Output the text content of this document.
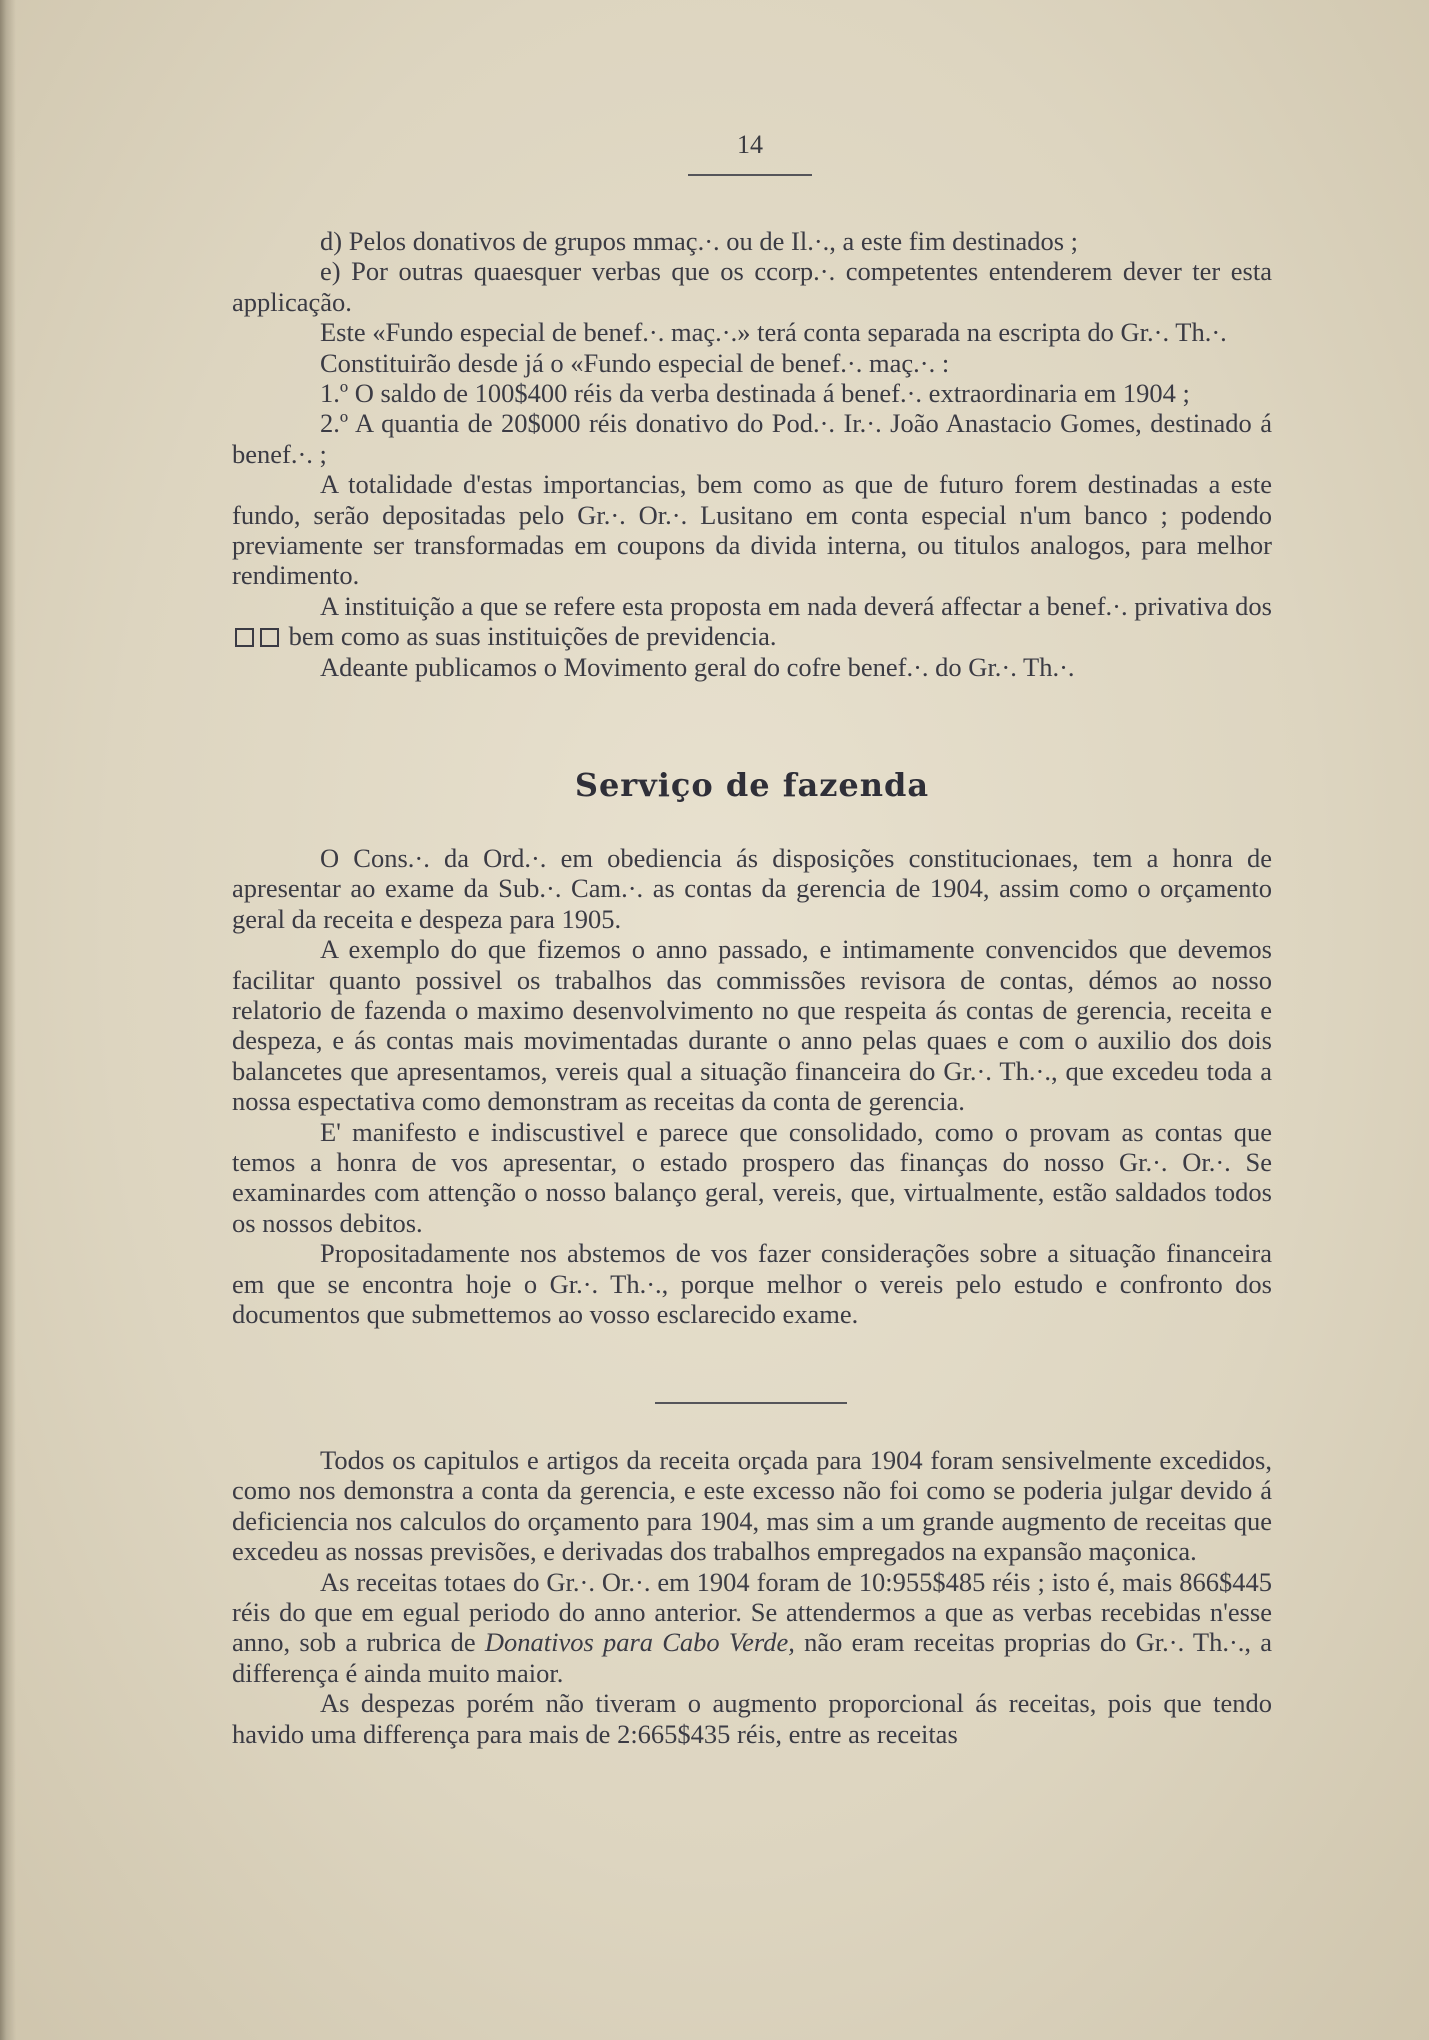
14

d) Pelos donativos de grupos mmaç.·. ou de Il.·., a este fim destinados ;

e) Por outras quaesquer verbas que os ccorp.·. competentes entenderem dever ter esta applicação.

Este «Fundo especial de benef.·. maç.·.» terá conta separada na escripta do Gr.·. Th.·.

Constituirão desde já o «Fundo especial de benef.·. maç.·. :

1.º O saldo de 100$400 réis da verba destinada á benef.·. extraordinaria em 1904 ;

2.º A quantia de 20$000 réis donativo do Pod.·. Ir.·. João Anastacio Gomes, destinado á benef.·. ;

A totalidade d'estas importancias, bem como as que de futuro forem destinadas a este fundo, serão depositadas pelo Gr.·. Or.·. Lusitano em conta especial n'um banco ; podendo previamente ser transformadas em coupons da divida interna, ou titulos analogos, para melhor rendimento.

A instituição a que se refere esta proposta em nada deverá affectar a benef.·. privativa dos  bem como as suas instituições de previdencia.

Adeante publicamos o Movimento geral do cofre benef.·. do Gr.·. Th.·.

Serviço de fazenda

O Cons.·. da Ord.·. em obediencia ás disposições constitucionaes, tem a honra de apresentar ao exame da Sub.·. Cam.·. as contas da gerencia de 1904, assim como o orçamento geral da receita e despeza para 1905.

A exemplo do que fizemos o anno passado, e intimamente convencidos que devemos facilitar quanto possivel os trabalhos das commissões revisora de contas, démos ao nosso relatorio de fazenda o maximo desenvolvimento no que respeita ás contas de gerencia, receita e despeza, e ás contas mais movimentadas durante o anno pelas quaes e com o auxilio dos dois balancetes que apresentamos, vereis qual a situação financeira do Gr.·. Th.·., que excedeu toda a nossa espectativa como demonstram as receitas da conta de gerencia.

E' manifesto e indiscustivel e parece que consolidado, como o provam as contas que temos a honra de vos apresentar, o estado prospero das finanças do nosso Gr.·. Or.·. Se examinardes com attenção o nosso balanço geral, vereis, que, virtualmente, estão saldados todos os nossos debitos.

Propositadamente nos abstemos de vos fazer considerações sobre a situação financeira em que se encontra hoje o Gr.·. Th.·., porque melhor o vereis pelo estudo e confronto dos documentos que submettemos ao vosso esclarecido exame.

Todos os capitulos e artigos da receita orçada para 1904 foram sensivelmente excedidos, como nos demonstra a conta da gerencia, e este excesso não foi como se poderia julgar devido á deficiencia nos calculos do orçamento para 1904, mas sim a um grande augmento de receitas que excedeu as nossas previsões, e derivadas dos trabalhos empregados na expansão maçonica.

As receitas totaes do Gr.·. Or.·. em 1904 foram de 10:955$485 réis ; isto é, mais 866$445 réis do que em egual periodo do anno anterior. Se attendermos a que as verbas recebidas n'esse anno, sob a rubrica de Donativos para Cabo Verde, não eram receitas proprias do Gr.·. Th.·., a differença é ainda muito maior.

As despezas porém não tiveram o augmento proporcional ás receitas, pois que tendo havido uma differença para mais de 2:665$435 réis, entre as receitas
